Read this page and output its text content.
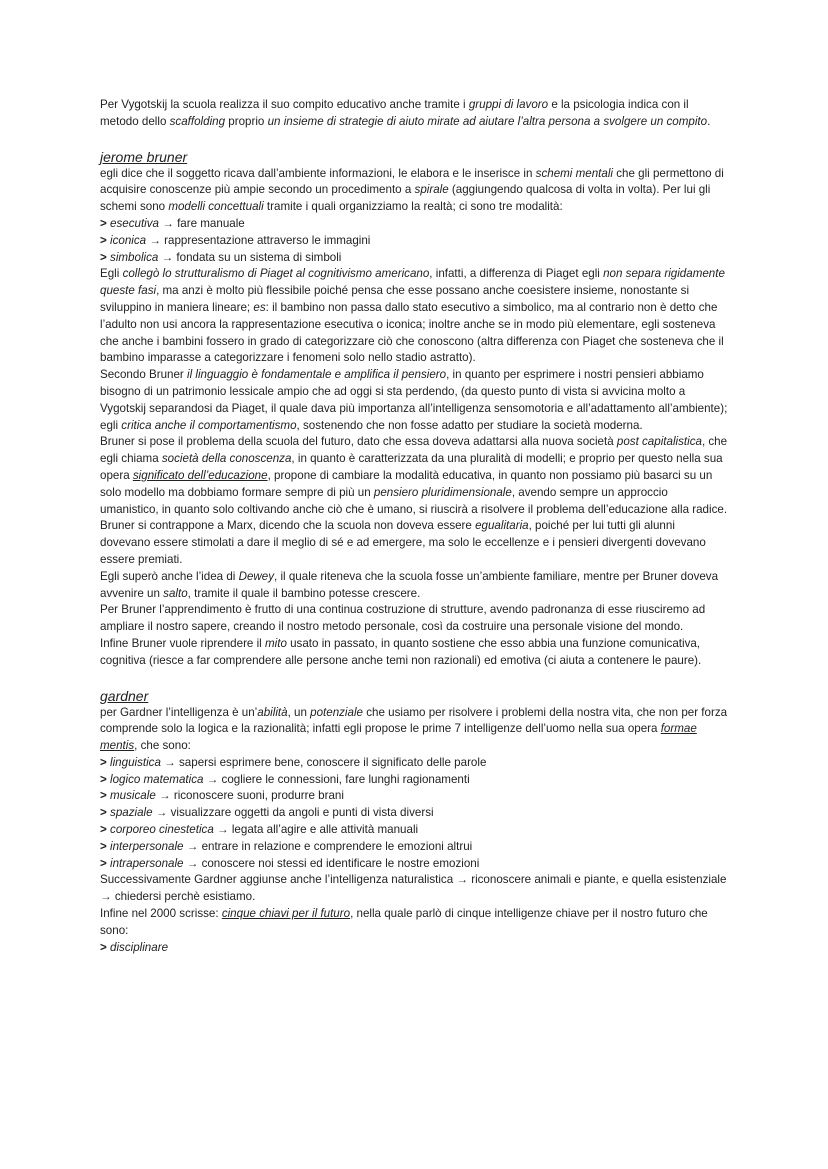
Per Vygotskij la scuola realizza il suo compito educativo anche tramite i gruppi di lavoro e la psicologia indica con il metodo dello scaffolding proprio un insieme di strategie di aiuto mirate ad aiutare l’altra persona a svolgere un compito.

jerome bruner

egli dice che il soggetto ricava dall’ambiente informazioni, le elabora e le inserisce in schemi mentali che gli permettono di acquisire conoscenze più ampie secondo un procedimento a spirale (aggiungendo qualcosa di volta in volta). Per lui gli schemi sono modelli concettuali tramite i quali organizziamo la realtà; ci sono tre modalità:

> esecutiva → fare manuale

> iconica → rappresentazione attraverso le immagini

> simbolica → fondata su un sistema di simboli

Egli collegò lo strutturalismo di Piaget al cognitivismo americano, infatti, a differenza di Piaget egli non separa rigidamente queste fasi, ma anzi è molto più flessibile poiché pensa che esse possano anche coesistere insieme, nonostante si sviluppino in maniera lineare; es: il bambino non passa dallo stato esecutivo a simbolico, ma al contrario non è detto che l’adulto non usi ancora la rappresentazione esecutiva o iconica; inoltre anche se in modo più elementare, egli sosteneva che anche i bambini fossero in grado di categorizzare ciò che conoscono (altra differenza con Piaget che sosteneva che il bambino imparasse a categorizzare i fenomeni solo nello stadio astratto).

Secondo Bruner il linguaggio è fondamentale e amplifica il pensiero, in quanto per esprimere i nostri pensieri abbiamo bisogno di un patrimonio lessicale ampio che ad oggi si sta perdendo, (da questo punto di vista si avvicina molto a Vygotskij separandosi da Piaget, il quale dava più importanza all’intelligenza sensomotoria e all’adattamento all’ambiente); egli critica anche il comportamentismo, sostenendo che non fosse adatto per studiare la società moderna.

Bruner si pose il problema della scuola del futuro, dato che essa doveva adattarsi alla nuova società post capitalistica, che egli chiama società della conoscenza, in quanto è caratterizzata da una pluralità di modelli; e proprio per questo nella sua opera significato dell’educazione, propone di cambiare la modalità educativa, in quanto non possiamo più basarci su un solo modello ma dobbiamo formare sempre di più un pensiero pluridimensionale, avendo sempre un approccio umanistico, in quanto solo coltivando anche ciò che è umano, si riuscirà a risolvere il problema dell’educazione alla radice.

Bruner si contrappone a Marx, dicendo che la scuola non doveva essere egualitaria, poiché per lui tutti gli alunni dovevano essere stimolati a dare il meglio di sé e ad emergere, ma solo le eccellenze e i pensieri divergenti dovevano essere premiati.

Egli superò anche l’idea di Dewey, il quale riteneva che la scuola fosse un’ambiente familiare, mentre per Bruner doveva avvenire un salto, tramite il quale il bambino potesse crescere.

Per Bruner l’apprendimento è frutto di una continua costruzione di strutture, avendo padronanza di esse riusciremo ad ampliare il nostro sapere, creando il nostro metodo personale, così da costruire una personale visione del mondo.

Infine Bruner vuole riprendere il mito usato in passato, in quanto sostiene che esso abbia una funzione comunicativa, cognitiva (riesce a far comprendere alle persone anche temi non razionali) ed emotiva (ci aiuta a contenere le paure).

gardner

per Gardner l’intelligenza è un’abilità, un potenziale che usiamo per risolvere i problemi della nostra vita, che non per forza comprende solo la logica e la razionalità; infatti egli propose le prime 7 intelligenze dell’uomo nella sua opera formae mentis, che sono:

> linguistica → sapersi esprimere bene, conoscere il significato delle parole

> logico matematica → cogliere le connessioni, fare lunghi ragionamenti

> musicale → riconoscere suoni, produrre brani

> spaziale → visualizzare oggetti da angoli e punti di vista diversi

> corporeo cinestetica → legata all’agire e alle attività manuali

> interpersonale → entrare in relazione e comprendere le emozioni altrui

> intrapersonale → conoscere noi stessi ed identificare le nostre emozioni

Successivamente Gardner aggiunse anche l’intelligenza naturalistica → riconoscere animali e piante, e quella esistenziale → chiedersi perchè esistiamo.

Infine nel 2000 scrisse: cinque chiavi per il futuro, nella quale parlò di cinque intelligenze chiave per il nostro futuro che sono:

> disciplinare
